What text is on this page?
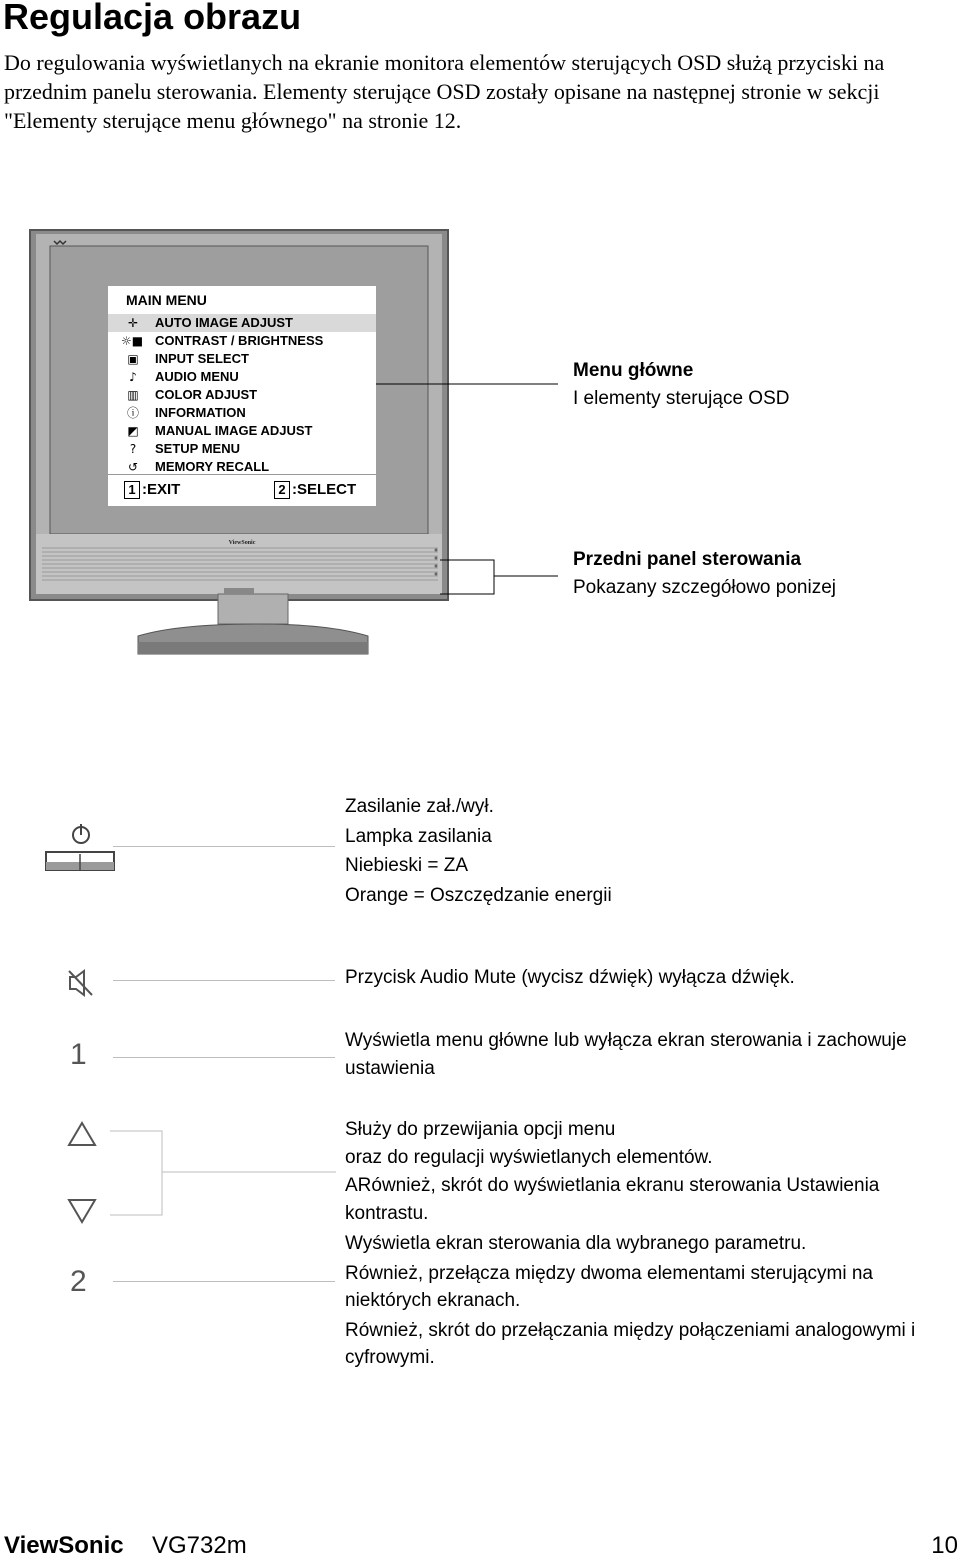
Regulacja obrazu

Do regulowania wyświetlanych na ekranie monitora elementów sterujących OSD służą przyciski na przednim panelu sterowania. Elementy sterujące OSD zostały opisane na następnej stronie w sekcji "Elementy sterujące menu głównego" na stronie 12.

ViewSonic
MAIN MENU
✛ AUTO IMAGE ADJUST
☼■ CONTRAST / BRIGHTNESS
▣ INPUT SELECT
♪	AUDIO MENU
▥ COLOR ADJUST
ⓘ INFORMATION
◩ MANUAL IMAGE ADJUST
?	SETUP MENU
↺ MEMORY RECALL
1 :EXIT	2 :SELECT
Menu główne
I elementy sterujące OSD
Przedni panel sterowania
Pokazany szczegółowo ponizej

Zasilanie zał./wył.

Lampka zasilania

Niebieski = ZA

Orange = Oszczędzanie energii

Przycisk Audio Mute (wycisz dźwięk) wyłącza dźwięk.

1	Wyświetla menu główne lub wyłącza ekran sterowania i zachowuje ustawienia

Służy do przewijania opcji menu

oraz do regulacji wyświetlanych elementów.

ARównież, skrót do wyświetlania ekranu sterowania Ustawienia kontrastu.

2

Wyświetla ekran sterowania dla wybranego parametru.

Również, przełącza między dwoma elementami sterującymi na niektórych ekranach.

Również, skrót do przełączania między połączeniami analogowymi i cyfrowymi.

ViewSonic VG732m	10
